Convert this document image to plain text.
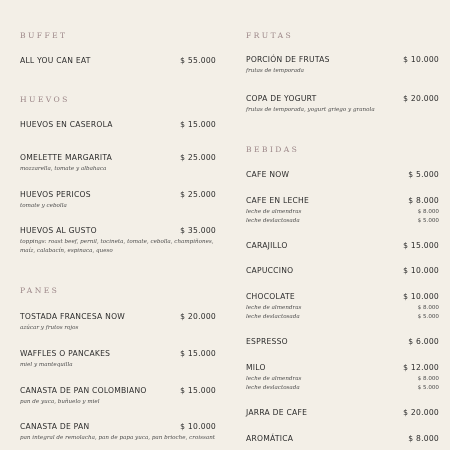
BUFFET
ALL YOU CAN EAT	$ 55.000
HUEVOS
HUEVOS EN CASEROLA	$ 15.000
OMELETTE MARGARITA	$ 25.000
mozzarella, tomate y albahaca
HUEVOS PERICOS	$ 25.000
tomate y cebolla
HUEVOS AL GUSTO	$ 35.000
toppings: roast beef, pernil, tocineta, tomate, cebolla, champiñones, maíz, calabacín, espinaca, queso
PANES
TOSTADA FRANCESA NOW	$ 20.000
azúcar y frutos rojos
WAFFLES O PANCAKES	$ 15.000
miel y mantequilla
CANASTA DE PAN COLOMBIANO	$ 15.000
pan de yuca, buñuelo y miel
CANASTA DE PAN	$ 10.000
pan integral de remolacha, pan de papa yuca, pan brioche, croissant
FRUTAS
PORCIÓN DE FRUTAS	$ 10.000
frutas de temporada
COPA DE YOGURT	$ 20.000
frutas de temporada, yogurt griego y granola
BEBIDAS
CAFE NOW	$ 5.000
CAFE EN LECHE	$ 8.000
leche de almendras	$ 8.000
leche deslactosada	$ 5.000
CARAJILLO	$ 15.000
CAPUCCINO	$ 10.000
CHOCOLATE	$ 10.000
leche de almendras	$ 8.000
leche deslactosada	$ 5.000
ESPRESSO	$ 6.000
MILO	$ 12.000
leche de almendras	$ 8.000
leche deslactosada	$ 5.000
JARRA DE CAFE	$ 20.000
AROMÁTICA	$ 8.000
